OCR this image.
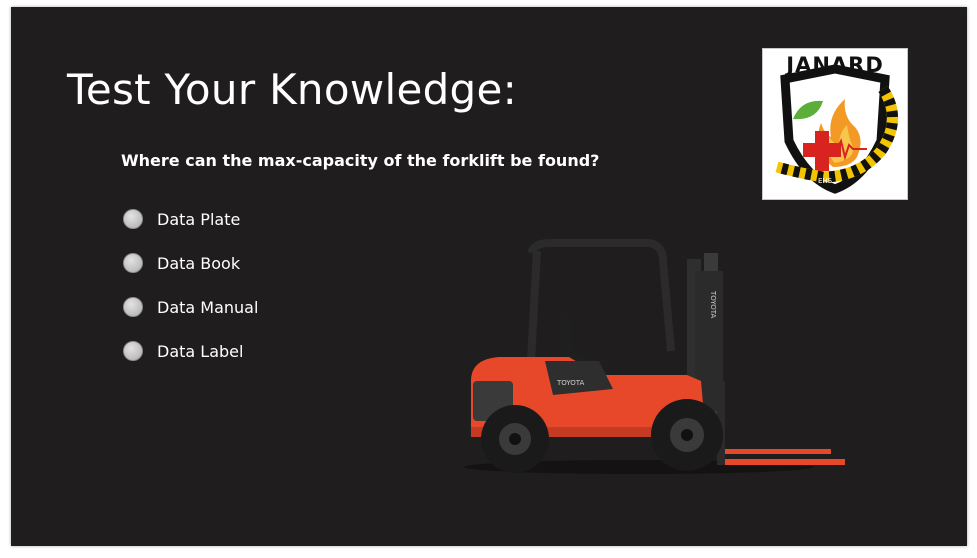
Test Your Knowledge:

Where can the max-capacity of the forklift be found?

Data Plate
Data Book
Data Manual
Data Label
JANARD
EHS
TOYOTA
TOYOTA
